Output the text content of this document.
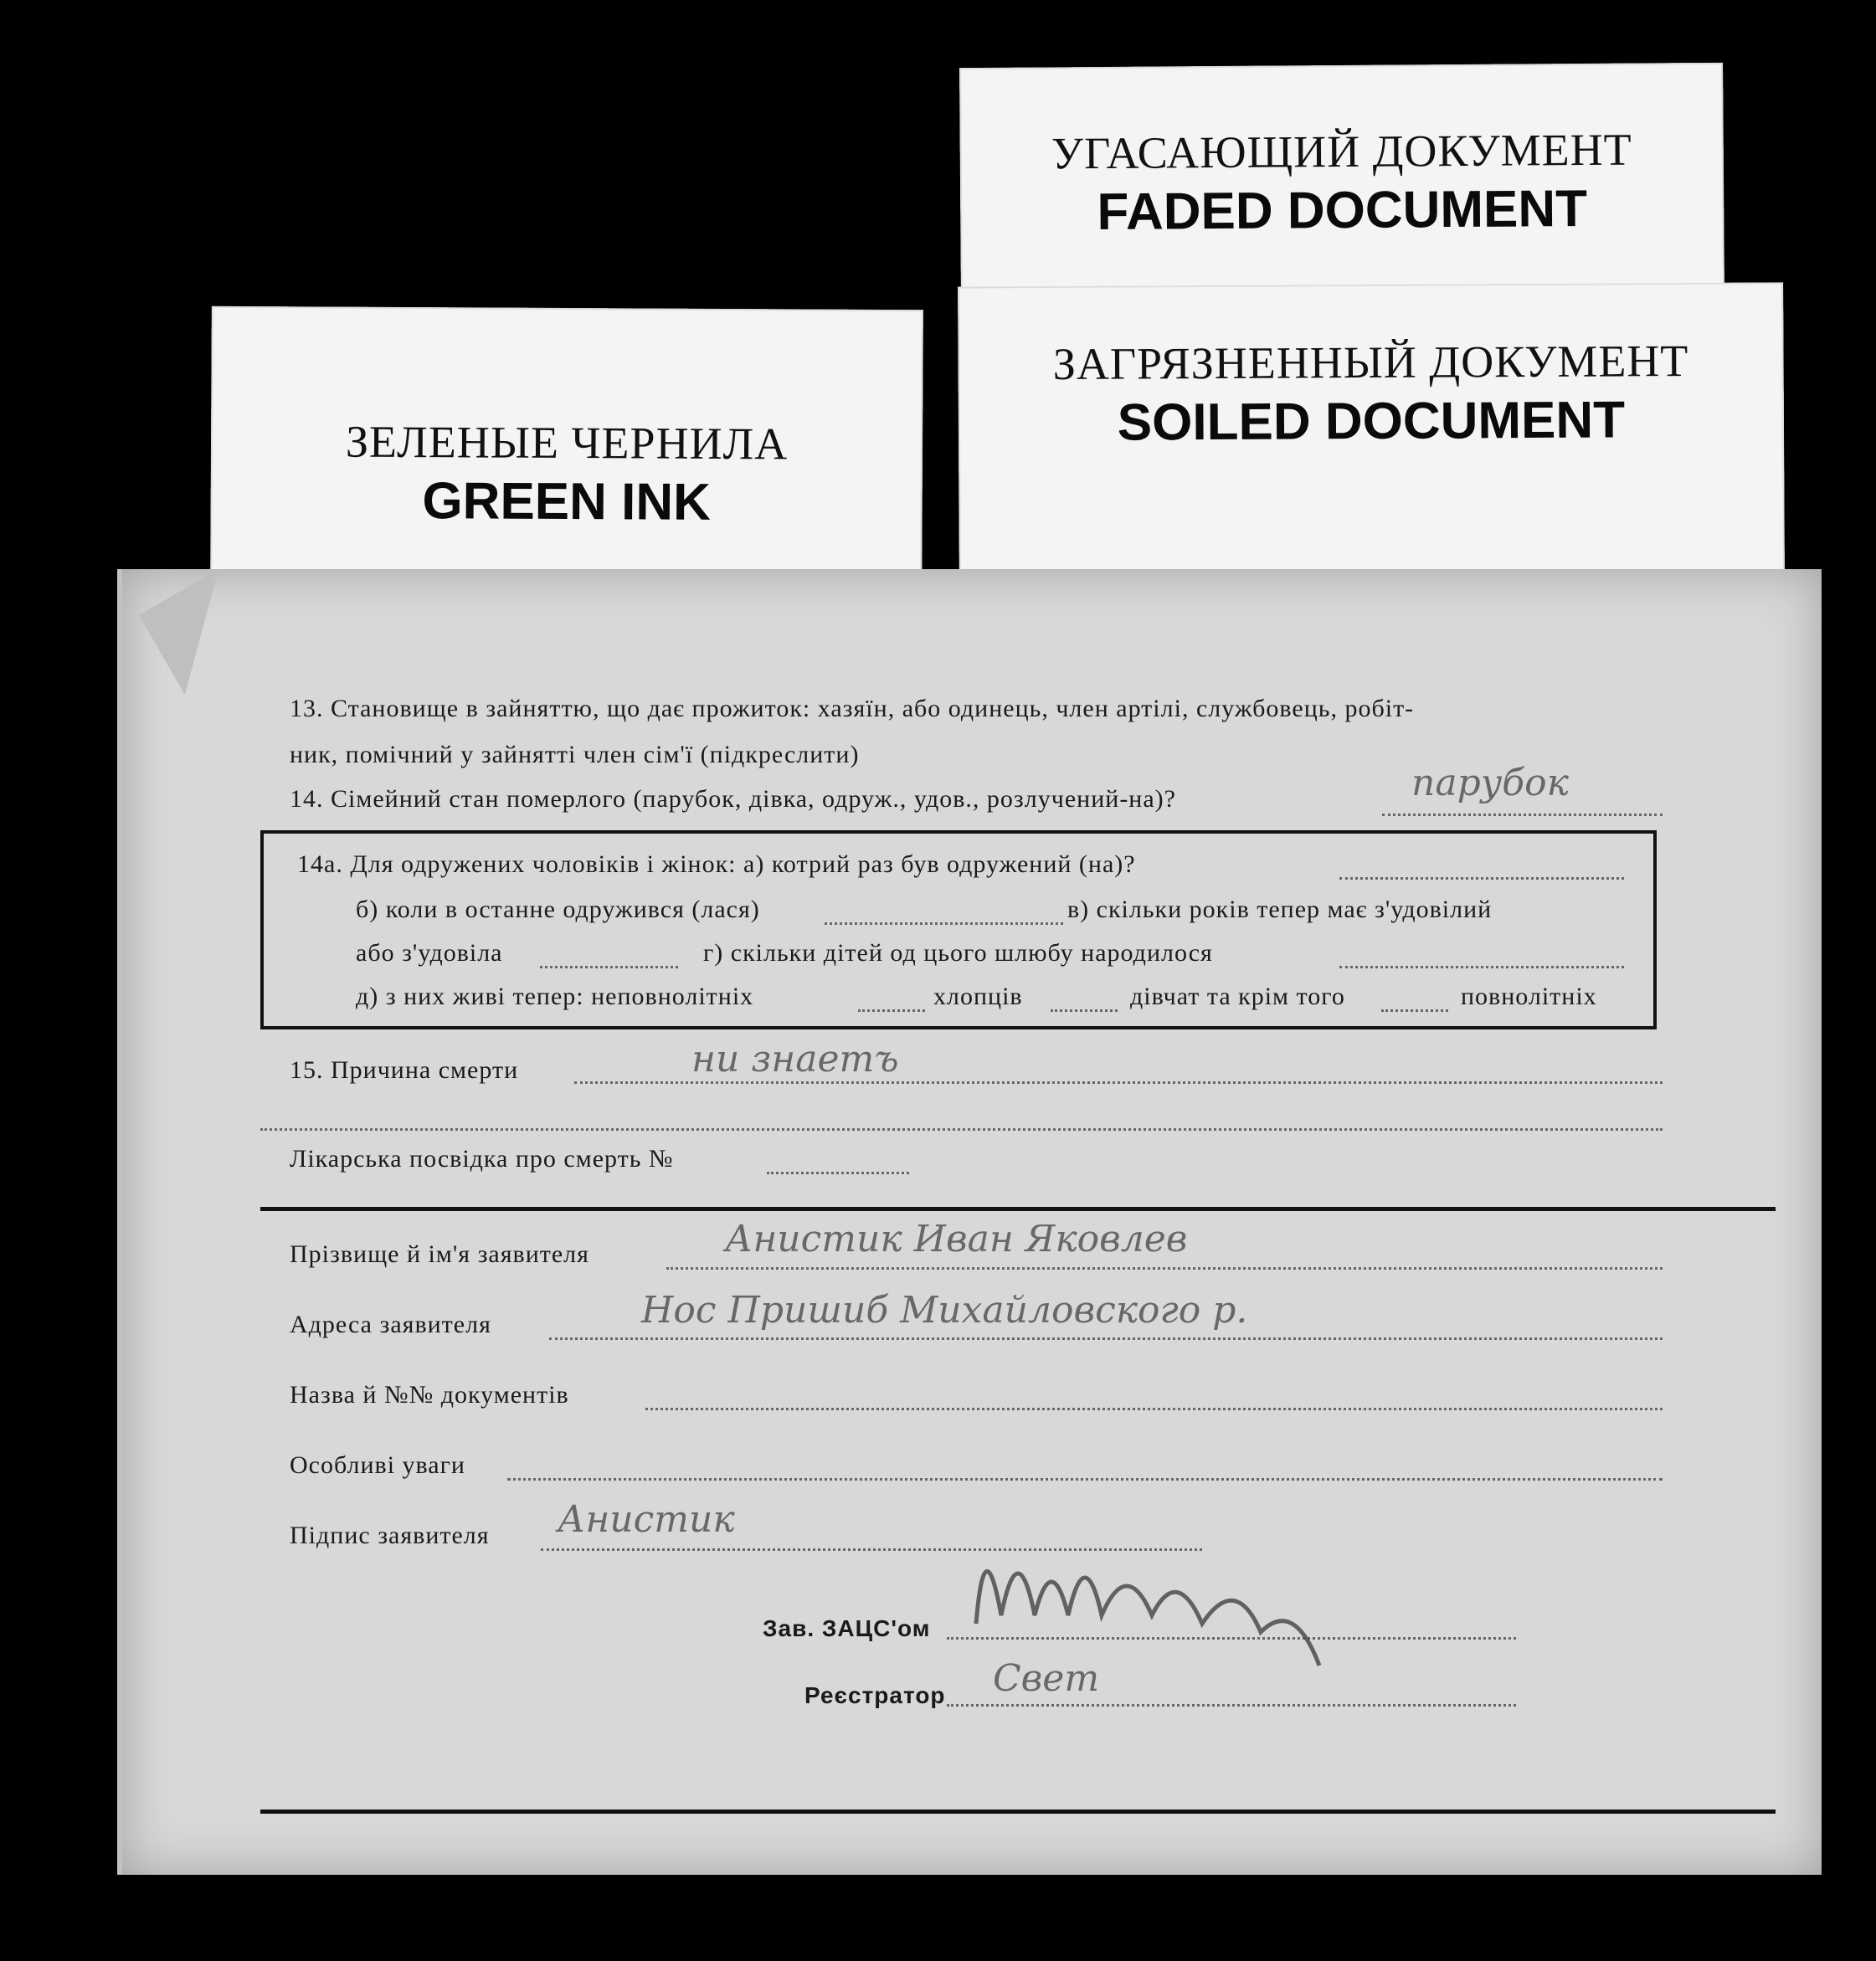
УГАСАЮЩИЙ ДОКУМЕНТ
FADED DOCUMENT
ЗАГРЯЗНЕННЫЙ ДОКУМЕНТ
SOILED DOCUMENT
ЗЕЛЕНЫЕ ЧЕРНИЛА
GREEN INK
13. Становище в зайняттю, що дає прожиток: хазяїн, або одинець, член артілі, службовець, робіт-
ник, помічний у зайнятті член сім'ї (підкреслити)
14. Сімейний стан померлого (парубок, дівка, одруж., удов., розлучений-на)?	парубок
14а. Для одружених чоловіків і жінок: а) котрий раз був одружений (на)?
б) коли в останне одружився (лася)	в) скільки років тепер має з'удовілий
або з'удовіла	г) скільки дітей од цього шлюбу народилося
д) з них живі тепер: неповнолітніх	хлопців	дівчат та крім того	повнолітніх
15. Причина смерти	ни знаетъ
Лікарська посвідка про смерть №
Прізвище й ім'я заявителя	Анистик Иван Яковлев
Адреса заявителя	Нос Пришиб Михайловского р.
Назва й №№ документів
Особливі уваги
Підпис заявителя Анистик
Зав. ЗАЦС'ом
Реєстратор Свет
